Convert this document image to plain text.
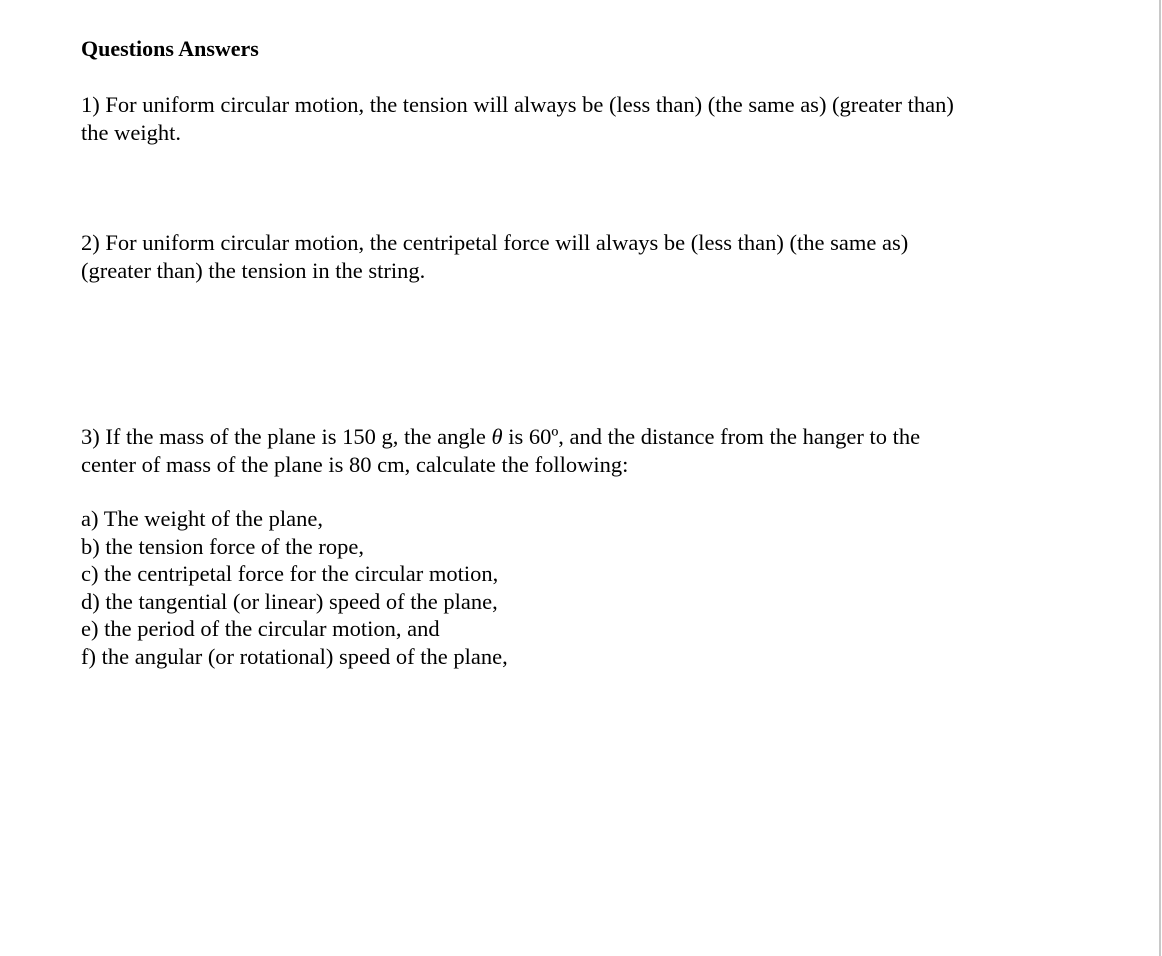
Questions Answers
1) For uniform circular motion, the tension will always be (less than) (the same as) (greater than)
the weight.
2) For uniform circular motion, the centripetal force will always be (less than) (the same as)
(greater than) the tension in the string.
3) If the mass of the plane is 150 g, the angle θ is 60º, and the distance from the hanger to the
center of mass of the plane is 80 cm, calculate the following:
a) The weight of the plane,
b) the tension force of the rope,
c) the centripetal force for the circular motion,
d) the tangential (or linear) speed of the plane,
e) the period of the circular motion, and
f) the angular (or rotational) speed of the plane,
